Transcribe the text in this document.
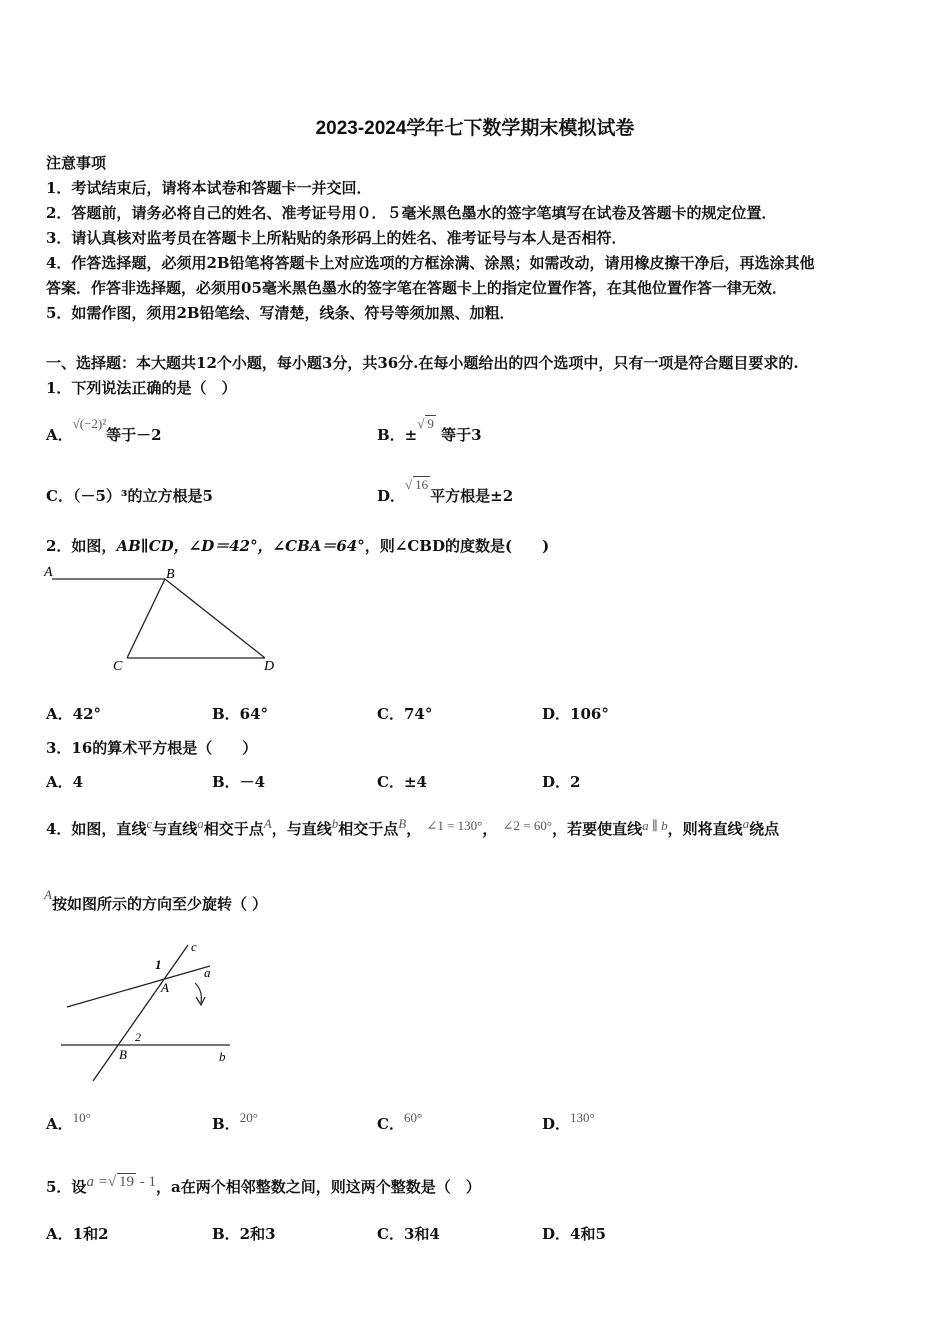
2023-2024学年七下数学期末模拟试卷
注意事项
1．考试结束后，请将本试卷和答题卡一并交回．
2．答题前，请务必将自己的姓名、准考证号用０．５毫米黑色墨水的签字笔填写在试卷及答题卡的规定位置．
3．请认真核对监考员在答题卡上所粘贴的条形码上的姓名、准考证号与本人是否相符．
4．作答选择题，必须用2B铅笔将答题卡上对应选项的方框涂满、涂黑；如需改动，请用橡皮擦干净后，再选涂其他
答案．作答非选择题，必须用05毫米黑色墨水的签字笔在答题卡上的指定位置作答，在其他位置作答一律无效．
5．如需作图，须用2B铅笔绘、写清楚，线条、符号等须加黑、加粗．
一、选择题：本大题共12个小题，每小题3分，共36分.在每小题给出的四个选项中，只有一项是符合题目要求的.
1．下列说法正确的是（　）
A．√(−2)²等于－2	B．±√ 9 等于3
C．（－5）³的立方根是5	D．√ 16平方根是±2
2．如图，AB∥CD，∠D＝42°，∠CBA＝64°，则∠CBD的度数是(　　)
A	B
C	D
A．42°	B．64°	C．74°	D．106°
3．16的算术平方根是（　　）
A．4	B．－4	C．±4	D．2
4．如图，直线c与直线a相交于点A，与直线b相交于点B， ∠1 = 130°， ∠2 = 60°，若要使直线a ∥ b，则将直线a绕点
A按如图所示的方向至少旋转（ ）
c
a
1
A
2
B	b
A．10°	B．20°	C．60°	D．130°
5．设a =√ 19 - 1，a在两个相邻整数之间，则这两个整数是（　）
A．1和2	B．2和3	C．3和4	D．4和5
